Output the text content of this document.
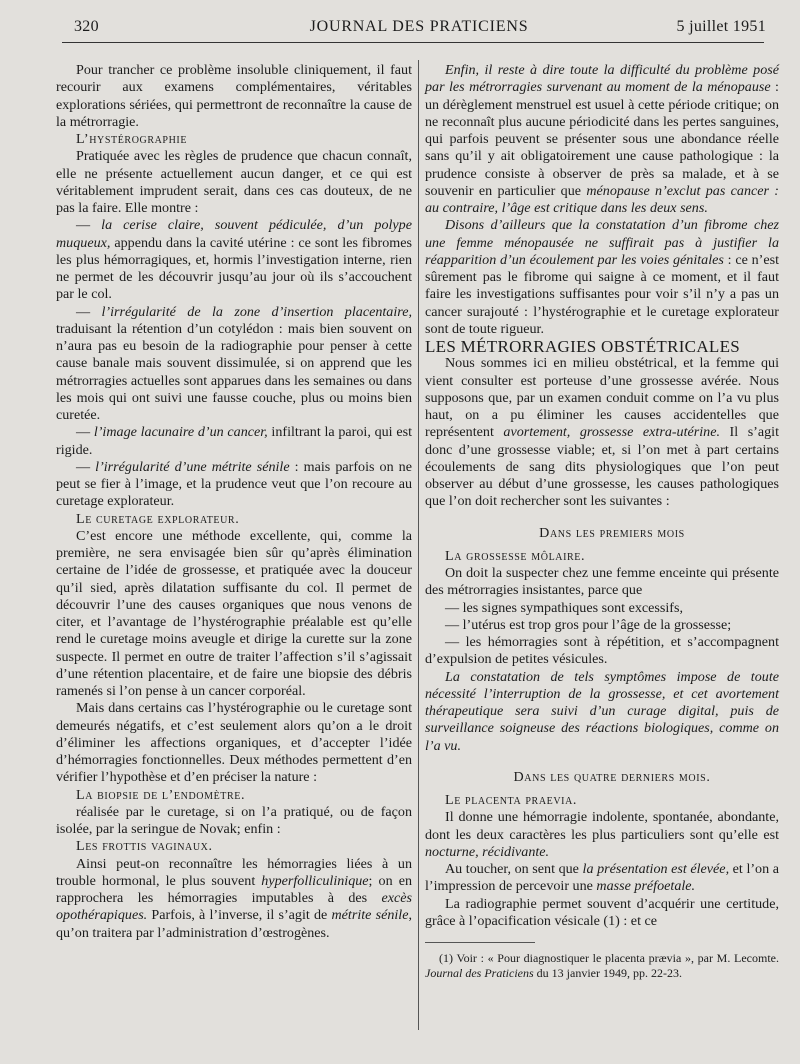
320	JOURNAL DES PRATICIENS	5 juillet 1951

Pour trancher ce problème insoluble cliniquement, il faut recourir aux examens complémentaires, véritables explorations sériées, qui permettront de reconnaître la cause de la métrorragie.

L’hystérographie

Pratiquée avec les règles de prudence que chacun connaît, elle ne présente actuellement aucun danger, et ce qui est véritablement imprudent serait, dans ces cas douteux, de ne pas la faire. Elle montre :

— la cerise claire, souvent pédiculée, d’un polype muqueux, appendu dans la cavité utérine : ce sont les fibromes les plus hémorragiques, et, hormis l’investigation interne, rien ne permet de les découvrir jusqu’au jour où ils s’accouchent par le col.

— l’irrégularité de la zone d’insertion placentaire, traduisant la rétention d’un cotylédon : mais bien souvent on n’aura pas eu besoin de la radiographie pour penser à cette cause banale mais souvent dissimulée, si on apprend que les métrorragies actuelles sont apparues dans les semaines ou dans les mois qui ont suivi une fausse couche, plus ou moins bien curetée.

— l’image lacunaire d’un cancer, infiltrant la paroi, qui est rigide.

— l’irrégularité d’une métrite sénile : mais parfois on ne peut se fier à l’image, et la prudence veut que l’on recoure au curetage explorateur.

Le curetage explorateur.

C’est encore une méthode excellente, qui, comme la première, ne sera envisagée bien sûr qu’après élimination certaine de l’idée de grossesse, et pratiquée avec la douceur qu’il sied, après dilatation suffisante du col. Il permet de découvrir l’une des causes organiques que nous venons de citer, et l’avantage de l’hystérographie préalable est qu’elle rend le curetage moins aveugle et dirige la curette sur la zone suspecte. Il permet en outre de traiter l’affection s’il s’agissait d’une rétention placentaire, et de faire une biopsie des débris ramenés si l’on pense à un cancer corporéal.

Mais dans certains cas l’hystérographie ou le curetage sont demeurés négatifs, et c’est seulement alors qu’on a le droit d’éliminer les affections organiques, et d’accepter l’idée d’hémorragies fonctionnelles. Deux méthodes permettent d’en vérifier l’hypothèse et d’en préciser la nature :

La biopsie de l’endomètre.

réalisée par le curetage, si on l’a pratiqué, ou de façon isolée, par la seringue de Novak; enfin :

Les frottis vaginaux.

Ainsi peut-on reconnaître les hémorragies liées à un trouble hormonal, le plus souvent hyperfolliculinique; on en rapprochera les hémorragies imputables à des excès opothérapiques. Parfois, à l’inverse, il s’agit de métrite sénile, qu’on traitera par l’administration d’œstrogènes.

Enfin, il reste à dire toute la difficulté du problème posé par les métrorragies survenant au moment de la ménopause : un dérèglement menstruel est usuel à cette période critique; on ne reconnaît plus aucune périodicité dans les pertes sanguines, qui parfois peuvent se présenter sous une abondance réelle sans qu’il y ait obligatoirement une cause pathologique : la prudence consiste à observer de près sa malade, et à se souvenir en particulier que ménopause n’exclut pas cancer : au contraire, l’âge est critique dans les deux sens.

Disons d’ailleurs que la constatation d’un fibrome chez une femme ménopausée ne suffirait pas à justifier la réapparition d’un écoulement par les voies génitales : ce n’est sûrement pas le fibrome qui saigne à ce moment, et il faut faire les investigations suffisantes pour voir s’il n’y a pas un cancer surajouté : l’hystérographie et le curetage explorateur sont de toute rigueur.

LES MÉTRORRAGIES OBSTÉTRICALES

Nous sommes ici en milieu obstétrical, et la femme qui vient consulter est porteuse d’une grossesse avérée. Nous supposons que, par un examen conduit comme on l’a vu plus haut, on a pu éliminer les causes accidentelles que représentent avortement, grossesse extra-utérine. Il s’agit donc d’une grossesse viable; et, si l’on met à part certains écoulements de sang dits physiologiques que l’on peut observer au début d’une grossesse, les causes pathologiques que l’on doit rechercher sont les suivantes :

Dans les premiers mois

La grossesse môlaire.

On doit la suspecter chez une femme enceinte qui présente des métrorragies insistantes, parce que

— les signes sympathiques sont excessifs,

— l’utérus est trop gros pour l’âge de la grossesse;

— les hémorragies sont à répétition, et s’accompagnent d’expulsion de petites vésicules.

La constatation de tels symptômes impose de toute nécessité l’interruption de la grossesse, et cet avortement thérapeutique sera suivi d’un curage digital, puis de surveillance soigneuse des réactions biologiques, comme on l’a vu.

Dans les quatre derniers mois.

Le placenta praevia.

Il donne une hémorragie indolente, spontanée, abondante, dont les deux caractères les plus particuliers sont qu’elle est nocturne, récidivante.

Au toucher, on sent que la présentation est élevée, et l’on a l’impression de percevoir une masse préfoetale.

La radiographie permet souvent d’acquérir une certitude, grâce à l’opacification vésicale (1) : et ce

(1) Voir : « Pour diagnostiquer le placenta prævia », par M. Lecomte. Journal des Praticiens du 13 janvier 1949, pp. 22-23.
